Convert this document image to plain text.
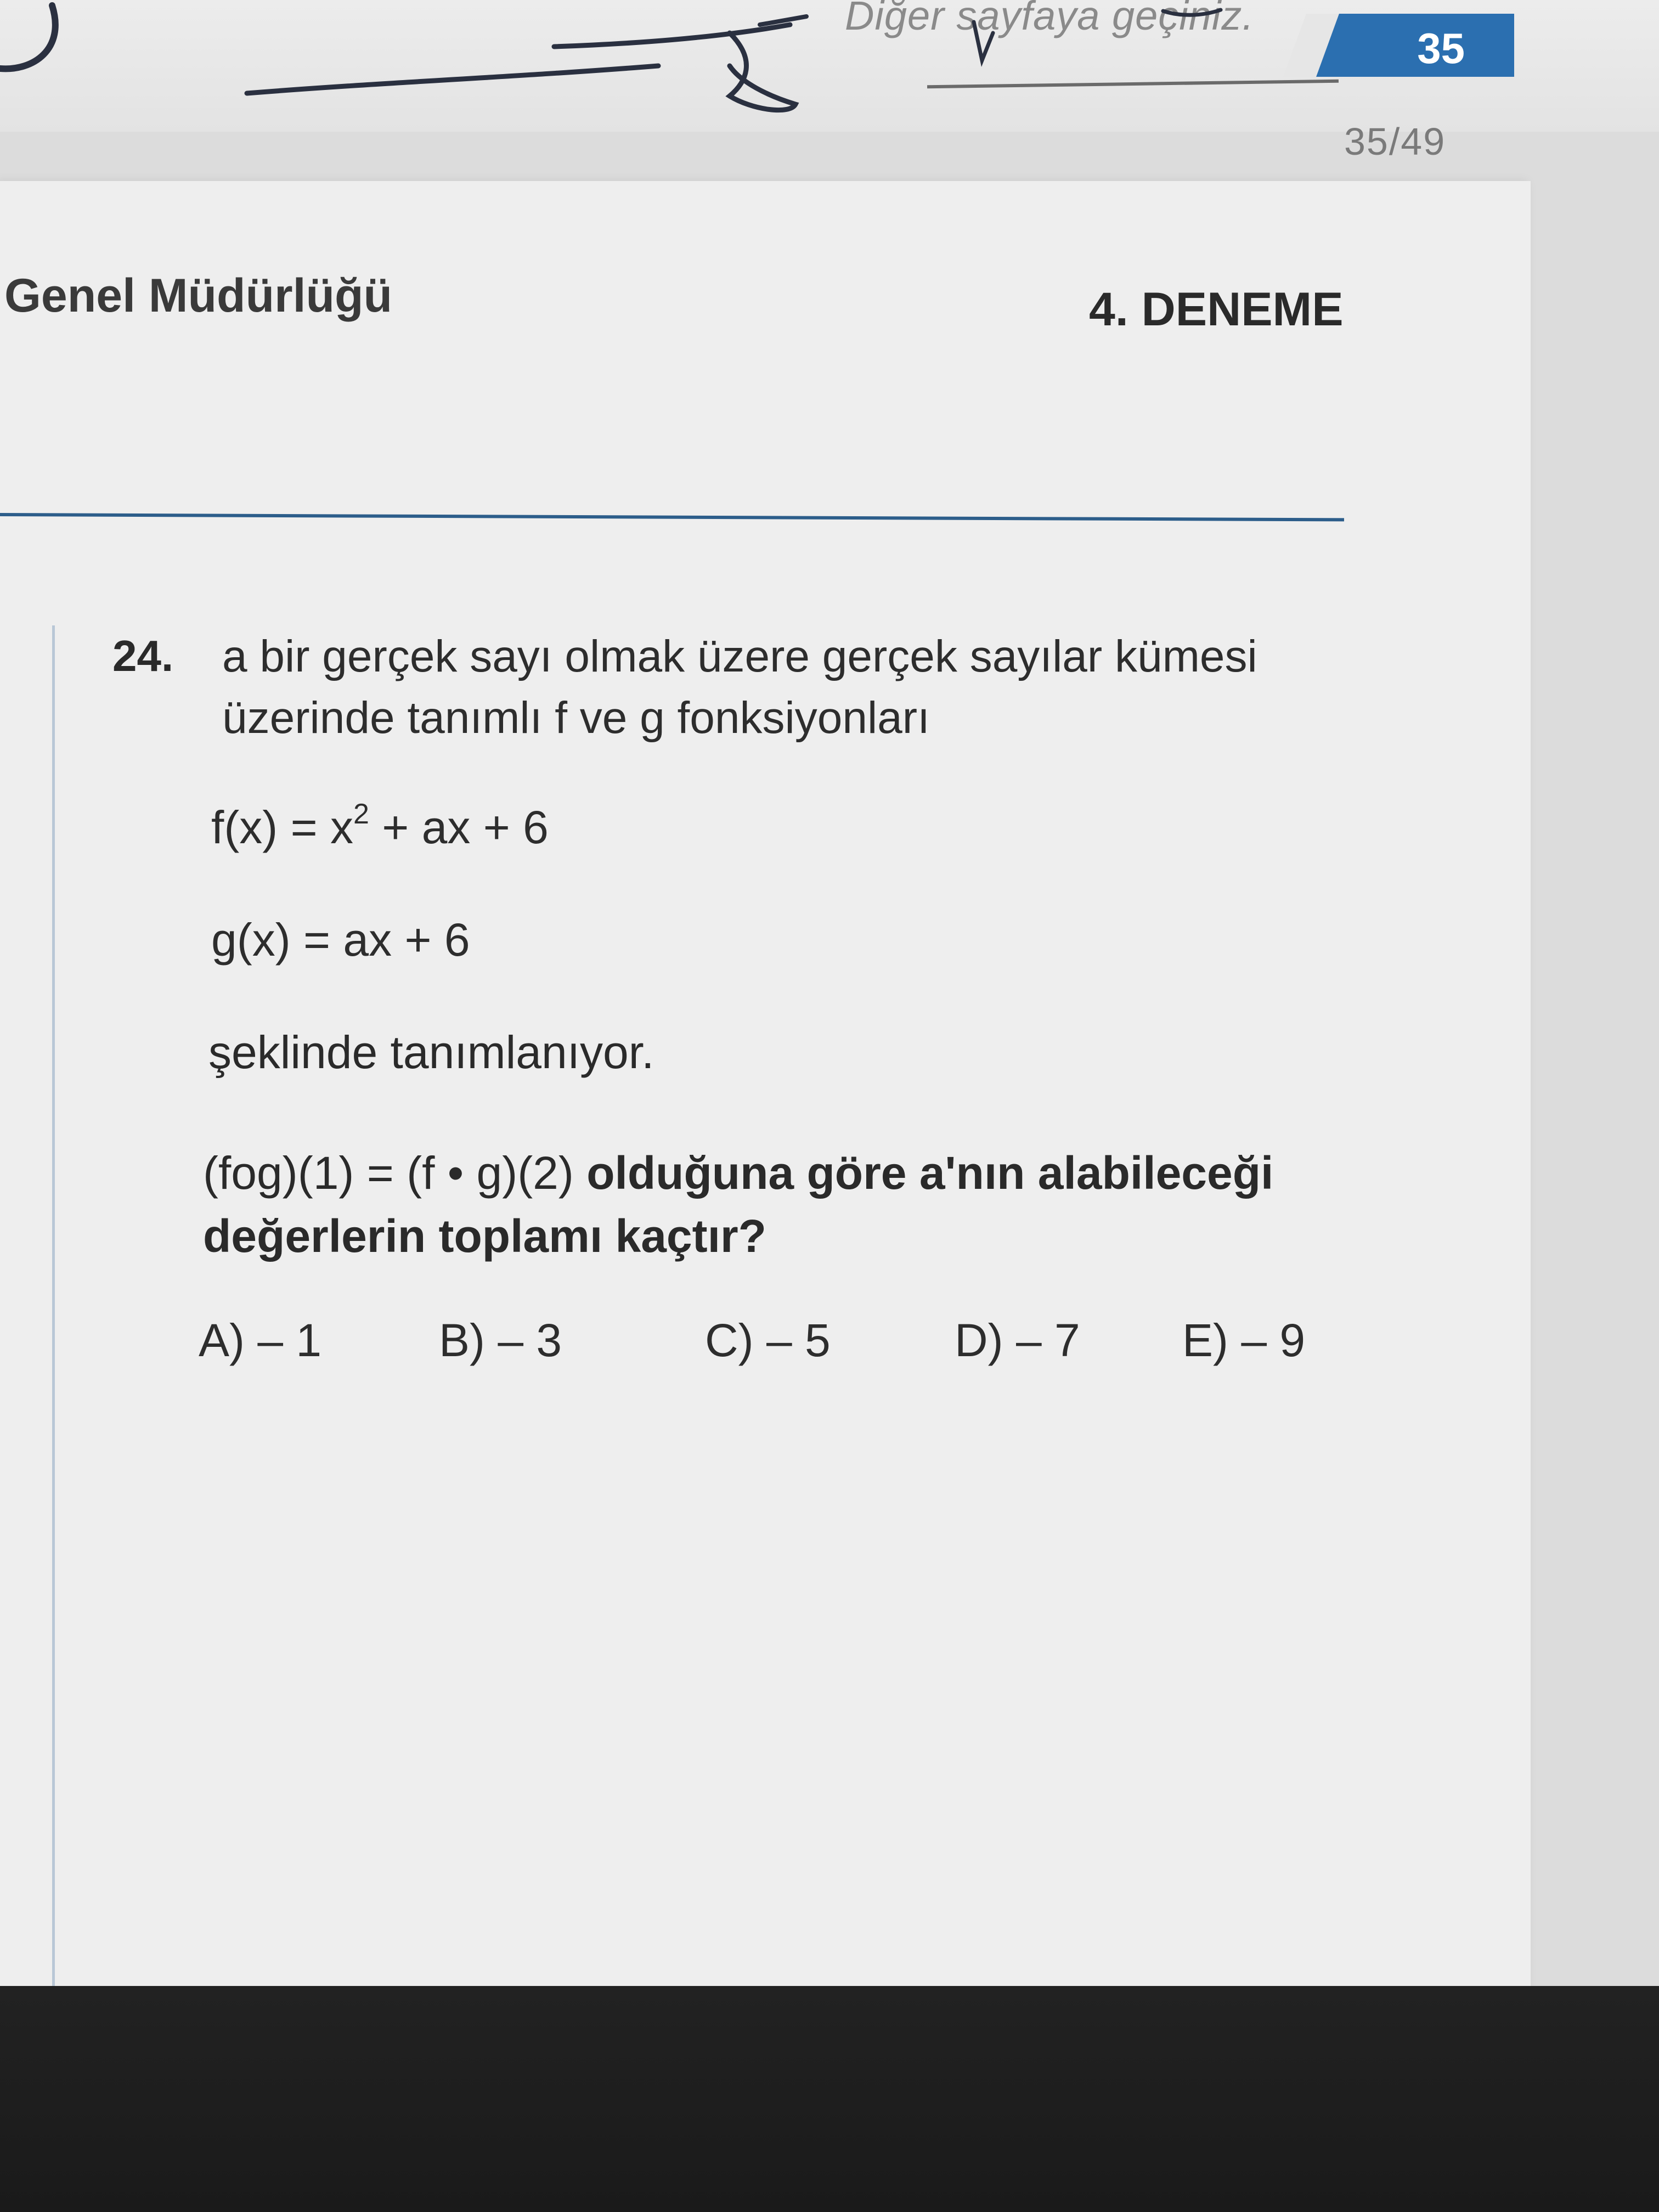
Diğer sayfaya geçiniz.
35
35/49
Genel Müdürlüğü	4. DENEME
24. a bir gerçek sayı olmak üzere gerçek sayılar kümesi
üzerinde tanımlı f ve g fonksiyonları
$f(x) = x^2$ + ax + 6
g(x) = ax + 6
şeklinde tanımlanıyor.
(fog)(1) = (f • g)(2) olduğuna göre a'nın alabileceği
değerlerin toplamı kaçtır?
A) – 1	B) – 3	C) – 5	D) – 7 E) – 9
